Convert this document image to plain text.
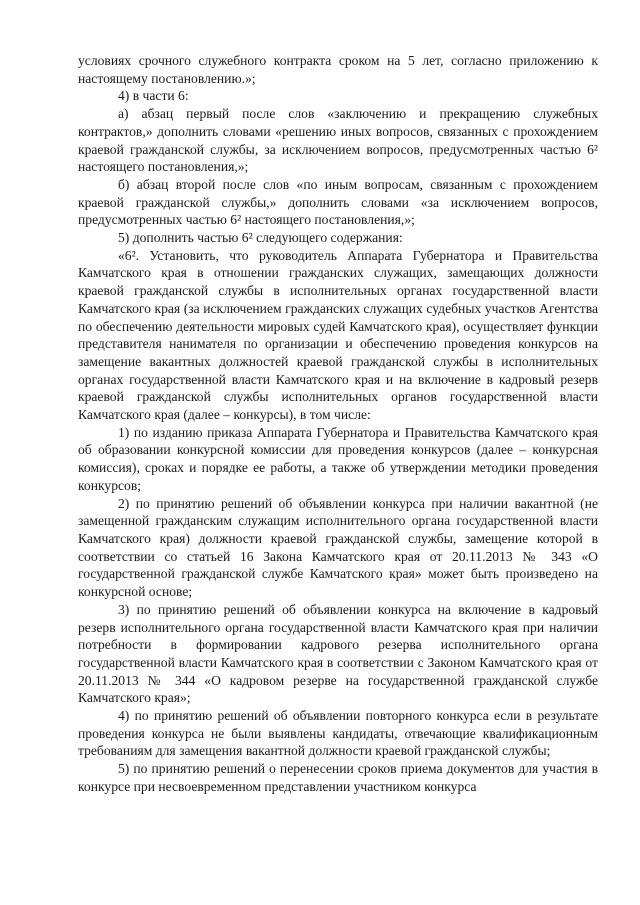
условиях срочного служебного контракта сроком на 5 лет, согласно приложению к настоящему постановлению.»;

4) в части 6:

а) абзац первый после слов «заключению и прекращению служебных контрактов,» дополнить словами «решению иных вопросов, связанных с прохождением краевой гражданской службы, за исключением вопросов, предусмотренных частью 6² настоящего постановления,»;

б) абзац второй после слов «по иным вопросам, связанным с прохождением краевой гражданской службы,» дополнить словами «за исключением вопросов, предусмотренных частью 6² настоящего постановления,»;

5) дополнить частью 6² следующего содержания:

«6². Установить, что руководитель Аппарата Губернатора и Правительства Камчатского края в отношении гражданских служащих, замещающих должности краевой гражданской службы в исполнительных органах государственной власти Камчатского края (за исключением гражданских служащих судебных участков Агентства по обеспечению деятельности мировых судей Камчатского края), осуществляет функции представителя нанимателя по организации и обеспечению проведения конкурсов на замещение вакантных должностей краевой гражданской службы в исполнительных органах государственной власти Камчатского края и на включение в кадровый резерв краевой гражданской службы исполнительных органов государственной власти Камчатского края (далее – конкурсы), в том числе:

1) по изданию приказа Аппарата Губернатора и Правительства Камчатского края об образовании конкурсной комиссии для проведения конкурсов (далее – конкурсная комиссия), сроках и порядке ее работы, а также об утверждении методики проведения конкурсов;

2) по принятию решений об объявлении конкурса при наличии вакантной (не замещенной гражданским служащим исполнительного органа государственной власти Камчатского края) должности краевой гражданской службы, замещение которой в соответствии со статьей 16 Закона Камчатского края от 20.11.2013 № 343 «О государственной гражданской службе Камчатского края» может быть произведено на конкурсной основе;

3) по принятию решений об объявлении конкурса на включение в кадровый резерв исполнительного органа государственной власти Камчатского края при наличии потребности в формировании кадрового резерва исполнительного органа государственной власти Камчатского края в соответствии с Законом Камчатского края от 20.11.2013 № 344 «О кадровом резерве на государственной гражданской службе Камчатского края»;

4) по принятию решений об объявлении повторного конкурса если в результате проведения конкурса не были выявлены кандидаты, отвечающие квалификационным требованиям для замещения вакантной должности краевой гражданской службы;

5) по принятию решений о перенесении сроков приема документов для участия в конкурсе при несвоевременном представлении участником конкурса
